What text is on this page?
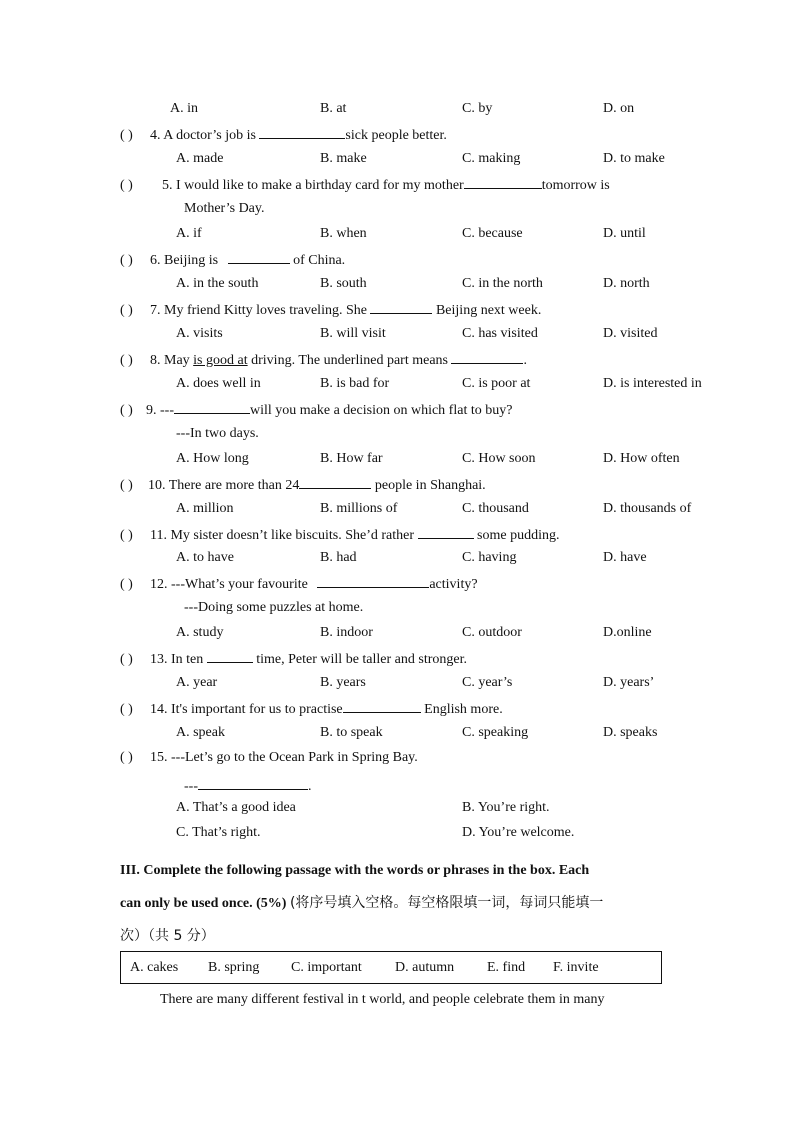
A. in	B. at	C. by	D. on
( ) 4. A doctor’s job is	sick people better.
A. made	B. make	C. making	D. to make
( ) 5. I would like to make a birthday card for my mother	tomorrow is
Mother’s Day.
A. if	B. when	C. because	D. until
( ) 6. Beijing is	of China.
A. in the south	B. south	C. in the north	D. north
( ) 7. My friend Kitty loves traveling. She	Beijing next week.
A. visits	B. will visit	C. has visited	D. visited
( ) 8. May is good at driving. The underlined part means	.
A. does well in	B. is bad for	C. is poor at	D. is interested in
( ) 9. ---	will you make a decision on which flat to buy?
---In two days.
A. How long	B. How far	C. How soon	D. How often
( ) 10. There are more than 24	people in Shanghai.
A. million	B. millions of	C. thousand	D. thousands of
( ) 11. My sister doesn’t like biscuits. She’d rather	some pudding.
A. to have	B. had	C. having	D. have
( ) 12. ---What’s your favourite	activity?
---Doing some puzzles at home.
A. study	B. indoor	C. outdoor	D.online
( ) 13. In ten	time, Peter will be taller and stronger.
A. year	B. years	C. year’s	D. years’
( ) 14. It's important for us to practise	English more.
A. speak	B. to speak	C. speaking	D. speaks
( ) 15. ---Let’s go to the Ocean Park in Spring Bay.
---	.
A. That’s a good idea	B. You’re right.
C. That’s right.	D. You’re welcome.
III. Complete the following passage with the words or phrases in the box. Each
can only be used once. (5%) (将序号填入空格。每空格限填一词，每词只能填一
次）（共 5 分）
A. cakes B. spring C. important D. autumn E. find F. invite
There are many different festival in t world, and people celebrate them in many
